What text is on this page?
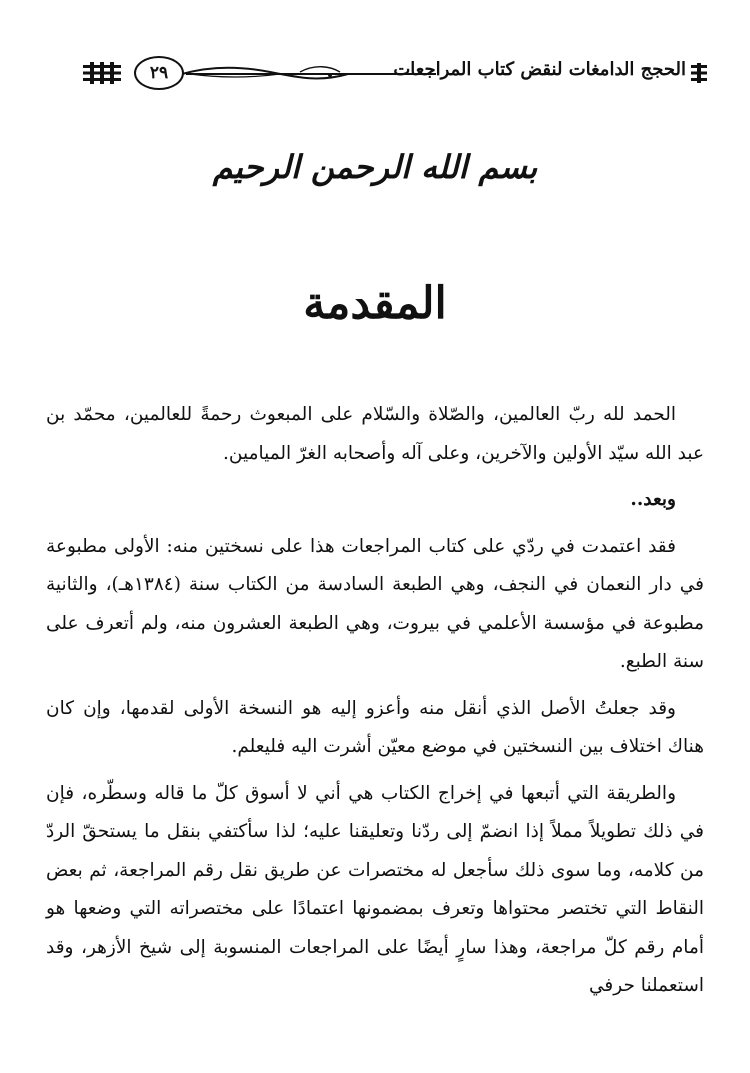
الحجج الدامغات لنقض كتاب المراجعات
٢٩
بسم الله الرحمن الرحيم
المقدمة

الحمد لله ربّ العالمين، والصّلاة والسّلام على المبعوث رحمةً للعالمين، محمّد بن عبد الله سيّد الأولين والآخرين، وعلى آله وأصحابه الغرّ الميامين.

وبعد..

فقد اعتمدت في ردّي على كتاب المراجعات هذا على نسختين منه: الأولى مطبوعة في دار النعمان في النجف، وهي الطبعة السادسة من الكتاب سنة (١٣٨٤هـ)، والثانية مطبوعة في مؤسسة الأعلمي في بيروت، وهي الطبعة العشرون منه، ولم أتعرف على سنة الطبع.

وقد جعلتُ الأصل الذي أنقل منه وأعزو إليه هو النسخة الأولى لقدمها، وإن كان هناك اختلاف بين النسختين في موضع معيّن أشرت اليه فليعلم.

والطريقة التي أتبعها في إخراج الكتاب هي أني لا أسوق كلّ ما قاله وسطّره، فإن في ذلك تطويلاً مملاً إذا انضمّ إلى ردّنا وتعليقنا عليه؛ لذا سأكتفي بنقل ما يستحقّ الردّ من كلامه، وما سوى ذلك سأجعل له مختصرات عن طريق نقل رقم المراجعة، ثم بعض النقاط التي تختصر محتواها وتعرف بمضمونها اعتمادًا على مختصراته التي وضعها هو أمام رقم كلّ مراجعة، وهذا سارٍ أيضًا على المراجعات المنسوبة إلى شيخ الأزهر، وقد استعملنا حرفي
